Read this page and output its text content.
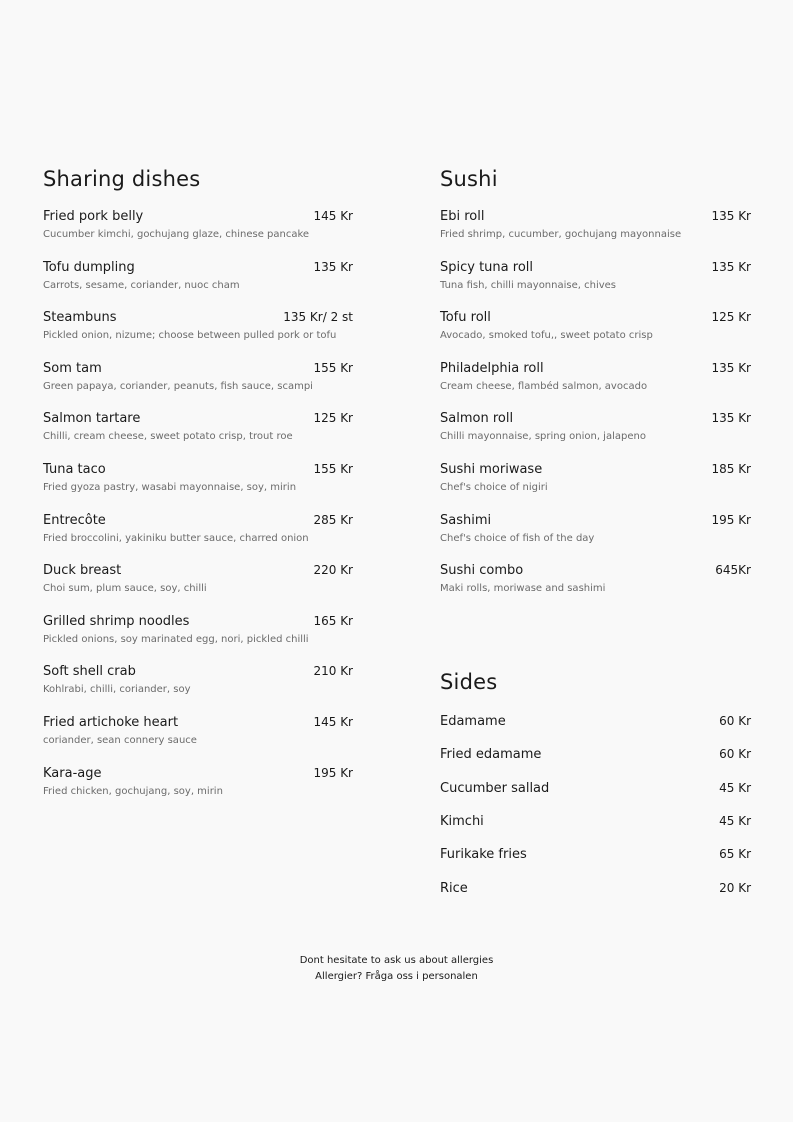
Sharing dishes
Fried pork belly	145 Kr
Cucumber kimchi, gochujang glaze, chinese pancake
Tofu dumpling	135 Kr
Carrots, sesame, coriander, nuoc cham
Steambuns	135 Kr/ 2 st
Pickled onion, nizume; choose between pulled pork or tofu
Som tam	155 Kr
Green papaya, coriander, peanuts, fish sauce, scampi
Salmon tartare	125 Kr
Chilli, cream cheese, sweet potato crisp, trout roe
Tuna taco	155 Kr
Fried gyoza pastry, wasabi mayonnaise, soy, mirin
Entrecôte	285 Kr
Fried broccolini, yakiniku butter sauce, charred onion
Duck breast	220 Kr
Choi sum, plum sauce, soy, chilli
Grilled shrimp noodles	165 Kr
Pickled onions, soy marinated egg, nori, pickled chilli
Soft shell crab	210 Kr
Kohlrabi, chilli, coriander, soy
Fried artichoke heart	145 Kr
coriander, sean connery sauce
Kara-age	195 Kr
Fried chicken, gochujang, soy, mirin
Sushi
Ebi roll	135 Kr
Fried shrimp, cucumber, gochujang mayonnaise
Spicy tuna roll	135 Kr
Tuna fish, chilli mayonnaise, chives
Tofu roll	125 Kr
Avocado, smoked tofu,, sweet potato crisp
Philadelphia roll	135 Kr
Cream cheese, flambéd salmon, avocado
Salmon roll	135 Kr
Chilli mayonnaise, spring onion, jalapeno
Sushi moriwase	185 Kr
Chef's choice of nigiri
Sashimi	195 Kr
Chef's choice of fish of the day
Sushi combo	645Kr
Maki rolls, moriwase and sashimi
Sides
Edamame	60 Kr
Fried edamame	60 Kr
Cucumber sallad	45 Kr
Kimchi	45 Kr
Furikake fries	65 Kr
Rice	20 Kr
Dont hesitate to ask us about allergies
Allergier? Fråga oss i personalen
